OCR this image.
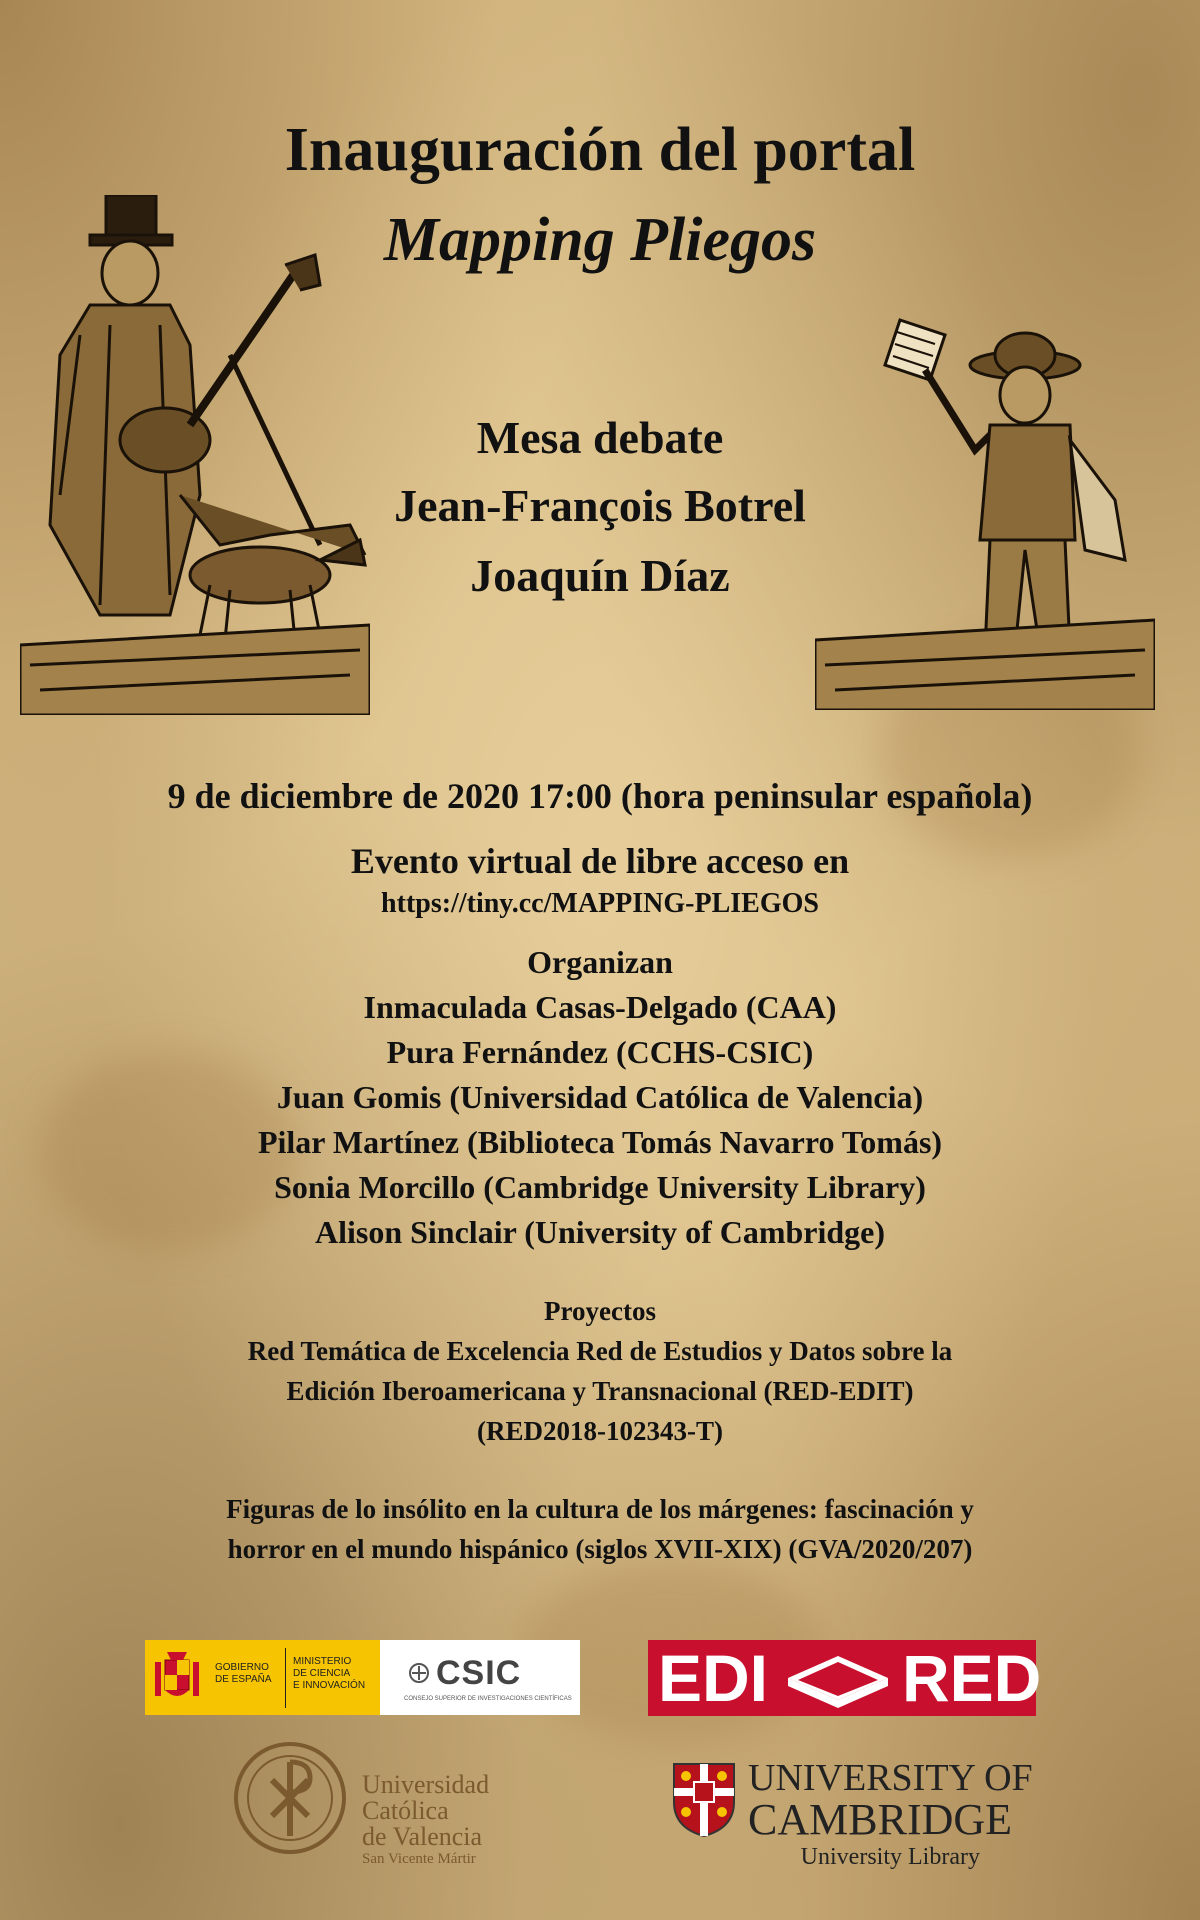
Inauguración del portal
Mapping Pliegos
Mesa debate
Jean-François Botrel
Joaquín Díaz
9 de diciembre de 2020 17:00 (hora peninsular española)
Evento virtual de libre acceso en
https://tiny.cc/MAPPING-PLIEGOS
Organizan
Inmaculada Casas-Delgado (CAA)
Pura Fernández (CCHS-CSIC)
Juan Gomis (Universidad Católica de Valencia)
Pilar Martínez (Biblioteca Tomás Navarro Tomás)
Sonia Morcillo (Cambridge University Library)
Alison Sinclair (University of Cambridge)
Proyectos
Red Temática de Excelencia Red de Estudios y Datos sobre la
Edición Iberoamericana y Transnacional (RED-EDIT)
(RED2018-102343-T)
Figuras de lo insólito en la cultura de los márgenes: fascinación y
horror en el mundo hispánico (siglos XVII-XIX) (GVA/2020/207)
GOBIERNO
DE ESPAÑA
MINISTERIO
DE CIENCIA
E INNOVACIÓN CSIC
CONSEJO SUPERIOR DE INVESTIGACIONES CIENTÍFICAS EDI RED
Universidad
Católica
de Valencia
San Vicente Mártir
UNIVERSITY OF
CAMBRIDGE
University Library
